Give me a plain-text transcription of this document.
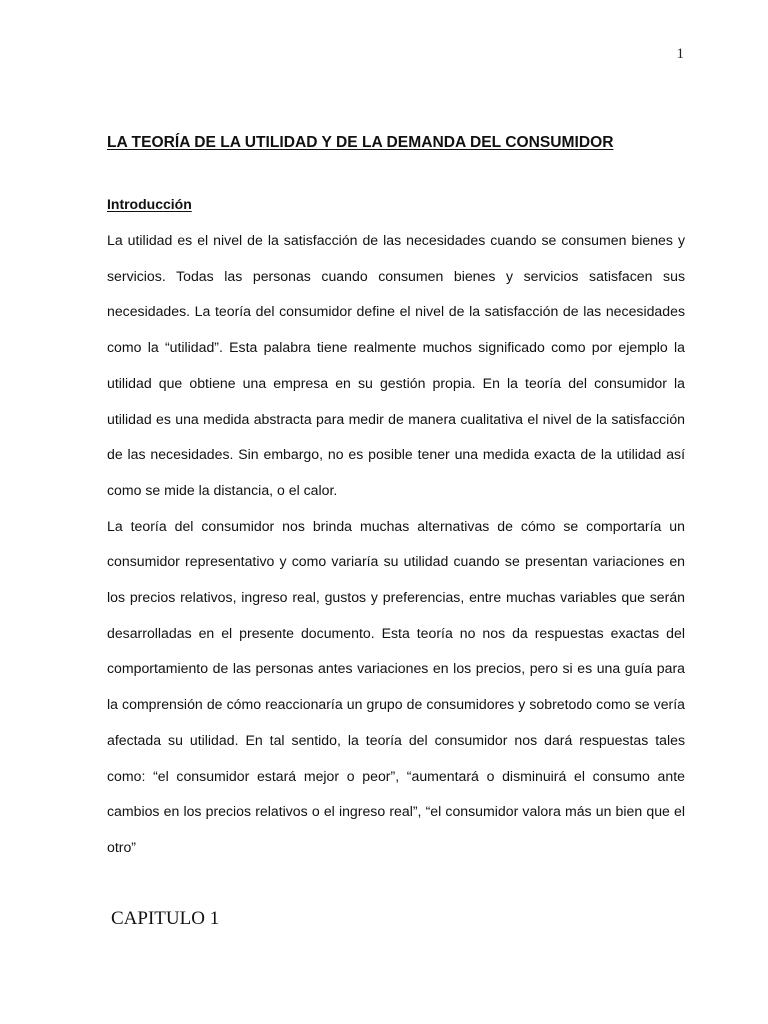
1
LA TEORÍA DE LA UTILIDAD Y DE LA DEMANDA DEL CONSUMIDOR
Introducción

La utilidad es el nivel de la satisfacción de las necesidades cuando se consumen bienes y servicios. Todas las personas cuando consumen bienes y servicios satisfacen sus necesidades. La teoría del consumidor define el nivel de la satisfacción de las necesidades como la “utilidad”. Esta palabra tiene realmente muchos significado como por ejemplo la utilidad que obtiene una empresa en su gestión propia. En la teoría del consumidor la utilidad es una medida abstracta para medir de manera cualitativa el nivel de la satisfacción de las necesidades. Sin embargo, no es posible tener una medida exacta de la utilidad así como se mide la distancia, o el calor.

La teoría del consumidor nos brinda muchas alternativas de cómo se comportaría un consumidor representativo y como variaría su utilidad cuando se presentan variaciones en los precios relativos, ingreso real, gustos y preferencias, entre muchas variables que serán desarrolladas en el presente documento. Esta teoría no nos da respuestas exactas del comportamiento de las personas antes variaciones en los precios, pero si es una guía para la comprensión de cómo reaccionaría un grupo de consumidores y sobretodo como se vería afectada su utilidad. En tal sentido, la teoría del consumidor nos dará respuestas tales como: “el consumidor estará mejor o peor”, “aumentará o disminuirá el consumo ante cambios en los precios relativos o el ingreso real”, “el consumidor valora más un bien que el otro”

CAPITULO 1
